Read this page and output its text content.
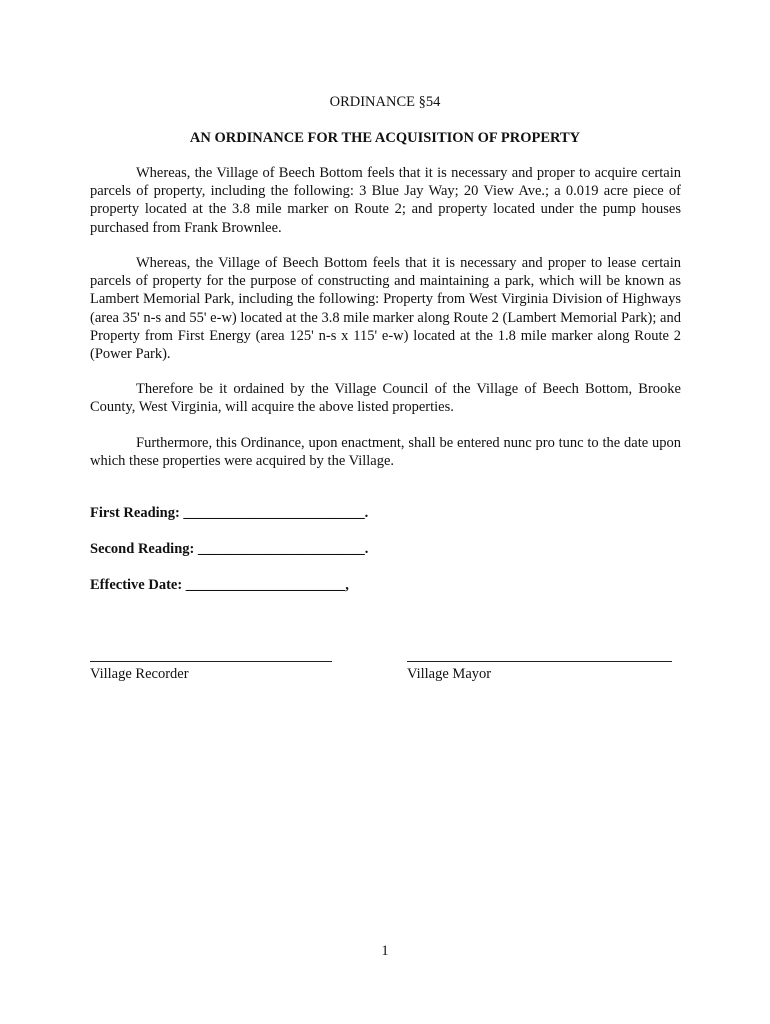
ORDINANCE §54
AN ORDINANCE FOR THE ACQUISITION OF PROPERTY

Whereas, the Village of Beech Bottom feels that it is necessary and proper to acquire certain parcels of property, including the following: 3 Blue Jay Way; 20 View Ave.; a 0.019 acre piece of property located at the 3.8 mile marker on Route 2; and property located under the pump houses purchased from Frank Brownlee.

Whereas, the Village of Beech Bottom feels that it is necessary and proper to lease certain parcels of property for the purpose of constructing and maintaining a park, which will be known as Lambert Memorial Park, including the following: Property from West Virginia Division of Highways (area 35' n-s and 55' e-w) located at the 3.8 mile marker along Route 2 (Lambert Memorial Park); and Property from First Energy (area 125' n-s x 115' e-w) located at the 1.8 mile marker along Route 2 (Power Park).

Therefore be it ordained by the Village Council of the Village of Beech Bottom, Brooke County, West Virginia, will acquire the above listed properties.

Furthermore, this Ordinance, upon enactment, shall be entered nunc pro tunc to the date upon which these properties were acquired by the Village.

First Reading: _________________________.
Second Reading: _______________________.
Effective Date: ______________________,
Village Recorder	Village Mayor
1
